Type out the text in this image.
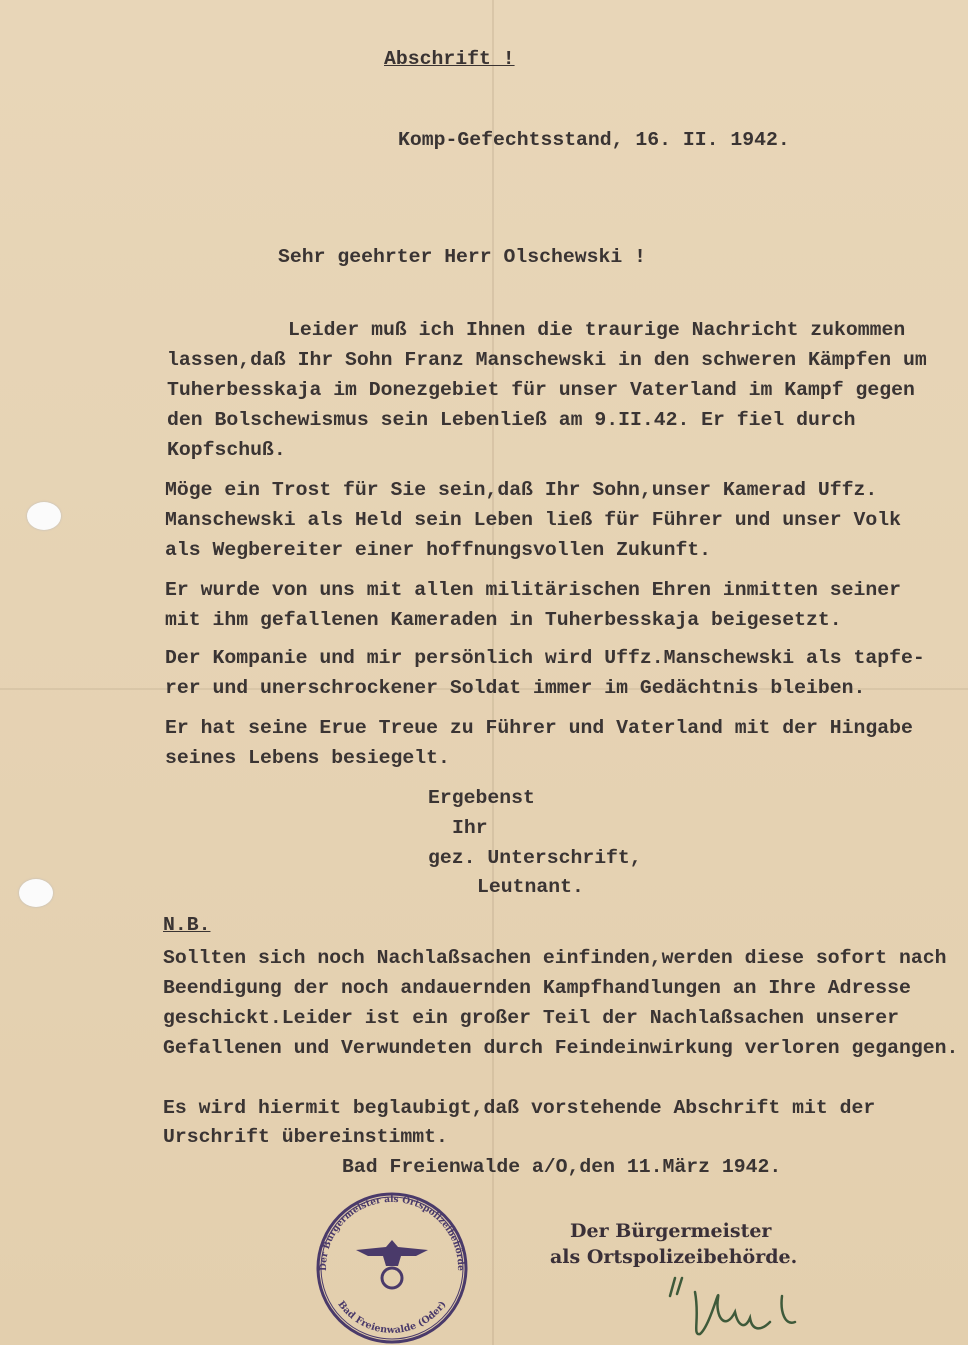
Abschrift !
Komp-Gefechtsstand, 16. II. 1942.
Sehr geehrter Herr Olschewski !
Leider muß ich Ihnen die traurige Nachricht zukommen
lassen,daß Ihr Sohn Franz Manschewski in den schweren Kämpfen um
Tuherbesskaja im Donezgebiet für unser Vaterland im Kampf gegen
den Bolschewismus sein Lebenließ am 9.II.42. Er fiel durch
Kopfschuß.
Möge ein Trost für Sie sein,daß Ihr Sohn,unser Kamerad Uffz.
Manschewski als Held sein Leben ließ für Führer und unser Volk
als Wegbereiter einer hoffnungsvollen Zukunft.
Er wurde von uns mit allen militärischen Ehren inmitten seiner
mit ihm gefallenen Kameraden in Tuherbesskaja beigesetzt.
Der Kompanie und mir persönlich wird Uffz.Manschewski als tapfe-
rer und unerschrockener Soldat immer im Gedächtnis bleiben.
Er hat seine Erue Treue zu Führer und Vaterland mit der Hingabe
seines Lebens besiegelt.
Ergebenst
Ihr
gez. Unterschrift,
Leutnant.
N.B.
Sollten sich noch Nachlaßsachen einfinden,werden diese sofort nach
Beendigung der noch andauernden Kampfhandlungen an Ihre Adresse
geschickt.Leider ist ein großer Teil der Nachlaßsachen unserer
Gefallenen und Verwundeten durch Feindeinwirkung verloren gegangen.
Es wird hiermit beglaubigt,daß vorstehende Abschrift mit der
Urschrift übereinstimmt.
Bad Freienwalde a/O,den 11.März 1942.
Der Bürgermeister als Ortspolizeibehörde
Bad Freienwalde (Oder)
Der Bürgermeister
als Ortspolizeibehörde.
